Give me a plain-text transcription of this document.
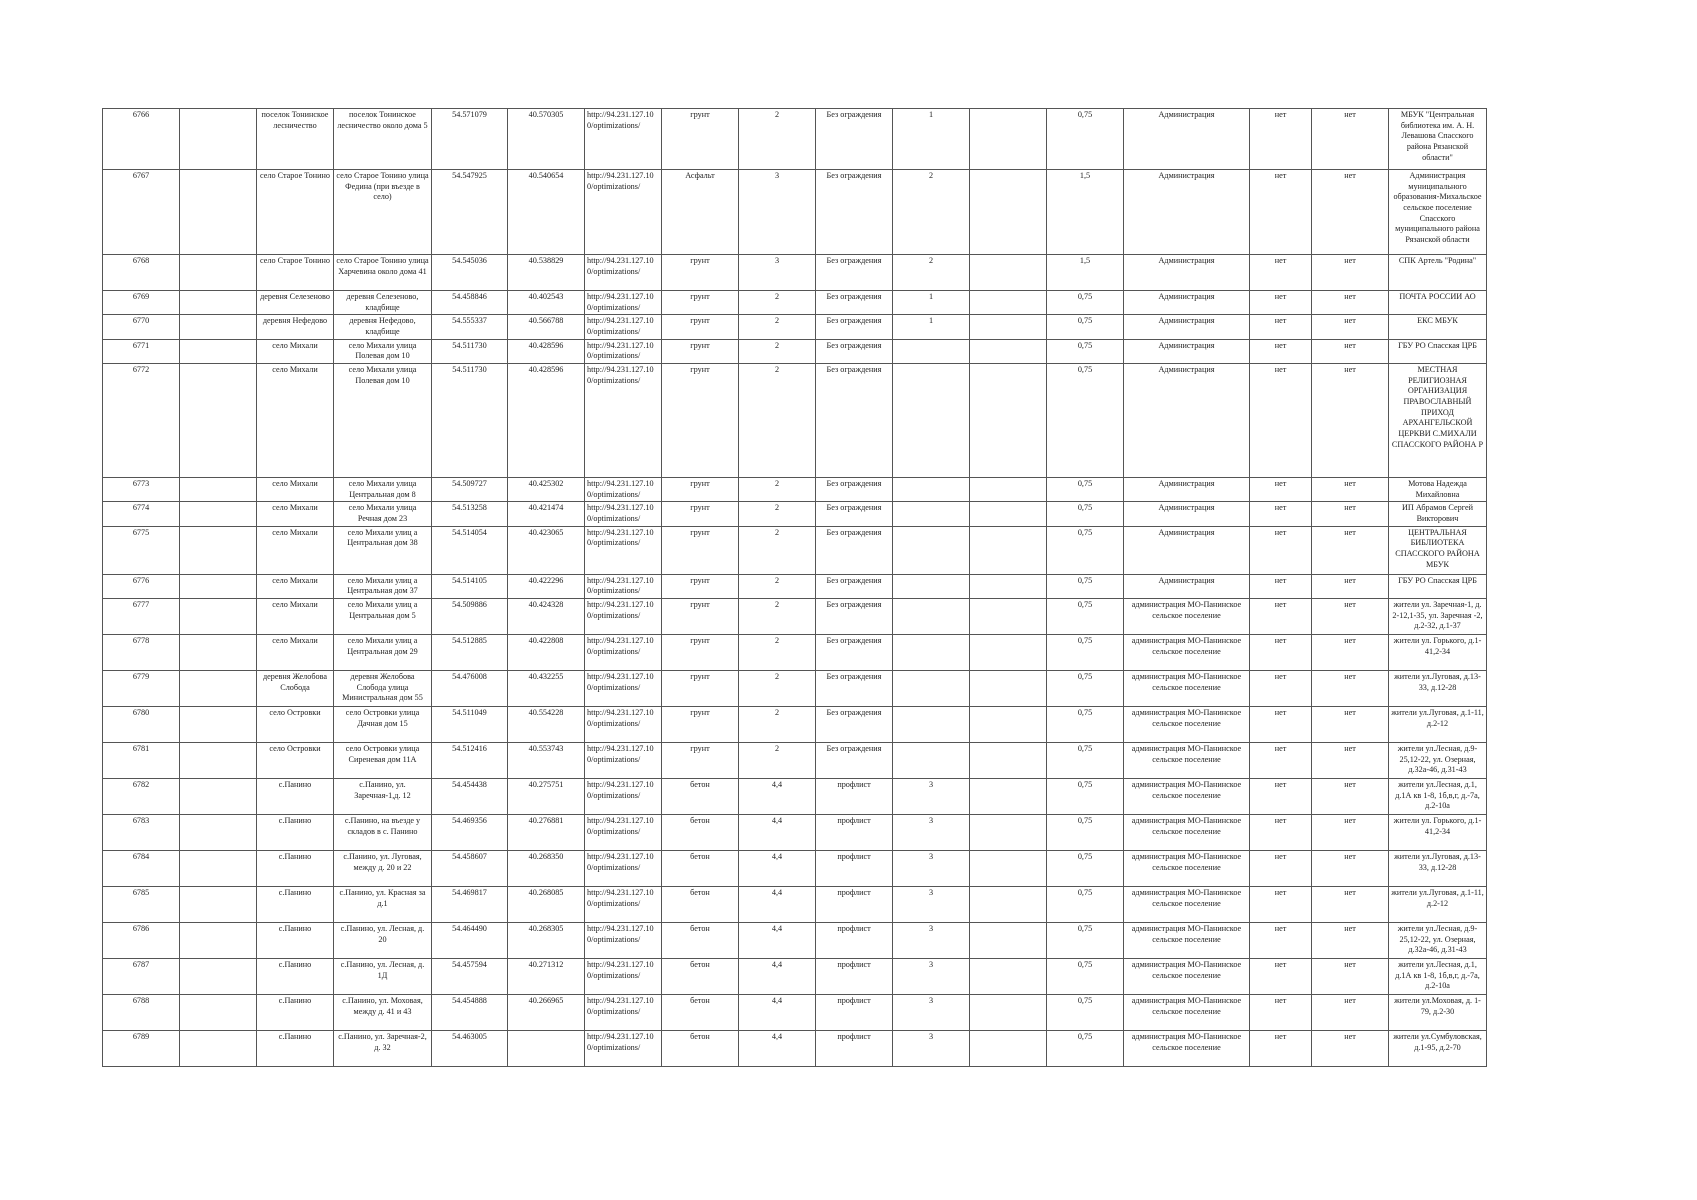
6766		поселок Тонинское лесничество	поселок Тонинское лесничество около дома 5	54.571079	40.570305	http://94.231.127.10 0/optimizations/	грунт	2	Без ограждения	1		0,75	Администрация	нет	нет	МБУК "Центральная библиотека им. А. Н. Левашова Спасского района Рязанской области"
6767		село Старое Тонино	село Старое Тонино улица Федина (при въезде в село)	54.547925	40.540654	http://94.231.127.10 0/optimizations/	Асфальт	3	Без ограждения	2		1,5	Администрация	нет	нет	Администрация муниципального образования-Михальское сельское поселение Спасского муниципального района Рязанской области
6768		село Старое Тонино	село Старое Тонино улица Харчевина около дома 41	54.545036	40.538829	http://94.231.127.10 0/optimizations/	грунт	3	Без ограждения	2		1,5	Администрация	нет	нет	СПК Артель "Родина"
6769		деревня Селезеново	деревня Селезеново, кладбище	54.458846	40.402543	http://94.231.127.10 0/optimizations/	грунт	2	Без ограждения	1		0,75	Администрация	нет	нет	ПОЧТА РОССИИ АО
6770		деревня Нефедово	деревня Нефедово, кладбище	54.555337	40.566788	http://94.231.127.10 0/optimizations/	грунт	2	Без ограждения	1		0,75	Администрация	нет	нет	ЕКС МБУК
6771		село Михали	село Михали улица Полевая дом 10	54.511730	40.428596	http://94.231.127.10 0/optimizations/	грунт	2	Без ограждения			0,75	Администрация	нет	нет	ГБУ РО Спасская ЦРБ
6772		село Михали	село Михали улица Полевая дом 10	54.511730	40.428596	http://94.231.127.10 0/optimizations/	грунт	2	Без ограждения			0,75	Администрация	нет	нет	МЕСТНАЯ РЕЛИГИОЗНАЯ ОРГАНИЗАЦИЯ ПРАВОСЛАВНЫЙ ПРИХОД АРХАНГЕЛЬСКОЙ ЦЕРКВИ С.МИХАЛИ СПАССКОГО РАЙОНА Р
6773		село Михали	село Михали улица Центральная дом 8	54.509727	40.425302	http://94.231.127.10 0/optimizations/	грунт	2	Без ограждения			0,75	Администрация	нет	нет	Мотова Надежда Михайловна
6774		село Михали	село Михали улица Речная дом 23	54.513258	40.421474	http://94.231.127.10 0/optimizations/	грунт	2	Без ограждения			0,75	Администрация	нет	нет	ИП Абрамов Сергей Викторович
6775		село Михали	село Михали улиц а Центральная дом 38	54.514054	40.423065	http://94.231.127.10 0/optimizations/	грунт	2	Без ограждения			0,75	Администрация	нет	нет	ЦЕНТРАЛЬНАЯ БИБЛИОТЕКА СПАССКОГО РАЙОНА МБУК
6776		село Михали	село Михали улиц а Центральная дом 37	54.514105	40.422296	http://94.231.127.10 0/optimizations/	грунт	2	Без ограждения			0,75	Администрация	нет	нет	ГБУ РО Спасская ЦРБ
6777		село Михали	село Михали улиц а Центральная дом 5	54.509886	40.424328	http://94.231.127.10 0/optimizations/	грунт	2	Без ограждения			0,75	администрация МО-Панинское сельское поселение	нет	нет	жители ул. Заречная-1, д. 2-12,1-35, ул. Заречная -2, д.2-32, д.1-37
6778		село Михали	село Михали улиц а Центральная дом 29	54.512885	40.422808	http://94.231.127.10 0/optimizations/	грунт	2	Без ограждения			0,75	администрация МО-Панинское сельское поселение	нет	нет	жители ул. Горького, д.1-41,2-34
6779		деревня Желобова Слобода	деревня Желобова Слобода улица Министральная дом 55	54.476008	40.432255	http://94.231.127.10 0/optimizations/	грунт	2	Без ограждения			0,75	администрация МО-Панинское сельское поселение	нет	нет	жители ул.Луговая, д.13-33, д.12-28
6780		село Островки	село Островки улица Дачная дом 15	54.511049	40.554228	http://94.231.127.10 0/optimizations/	грунт	2	Без ограждения			0,75	администрация МО-Панинское сельское поселение	нет	нет	жители ул.Луговая, д.1-11, д.2-12
6781		село Островки	село Островки улица Сиреневая дом 11А	54.512416	40.553743	http://94.231.127.10 0/optimizations/	грунт	2	Без ограждения			0,75	администрация МО-Панинское сельское поселение	нет	нет	жители ул.Лесная, д.9-25,12-22, ул. Озерная, д.32а-46, д.31-43
6782		с.Панино	с.Панино, ул. Заречная-1,д. 12	54.454438	40.275751	http://94.231.127.10 0/optimizations/	бетон	4,4	профлист	3		0,75	администрация МО-Панинское сельское поселение	нет	нет	жители ул.Лесная, д.1, д.1А кв 1-8, 1б,в,г, д.-7а, д.2-10а
6783		с.Панино	с.Панино, на въезде у складов в с. Панино	54.469356	40.276881	http://94.231.127.10 0/optimizations/	бетон	4,4	профлист	3		0,75	администрация МО-Панинское сельское поселение	нет	нет	жители ул. Горького, д.1-41,2-34
6784		с.Панино	с.Панино, ул. Луговая, между д. 20 и 22	54.458607	40.268350	http://94.231.127.10 0/optimizations/	бетон	4,4	профлист	3		0,75	администрация МО-Панинское сельское поселение	нет	нет	жители ул.Луговая, д.13-33, д.12-28
6785		с.Панино	с.Панино, ул. Красная за д.1	54.469817	40.268085	http://94.231.127.10 0/optimizations/	бетон	4,4	профлист	3		0,75	администрация МО-Панинское сельское поселение	нет	нет	жители ул.Луговая, д.1-11, д.2-12
6786		с.Панино	с.Панино, ул. Лесная, д. 20	54.464490	40.268305	http://94.231.127.10 0/optimizations/	бетон	4,4	профлист	3		0,75	администрация МО-Панинское сельское поселение	нет	нет	жители ул.Лесная, д.9-25,12-22, ул. Озерная, д.32а-46, д.31-43
6787		с.Панино	с.Панино, ул. Лесная, д. 1Д	54.457594	40.271312	http://94.231.127.10 0/optimizations/	бетон	4,4	профлист	3		0,75	администрация МО-Панинское сельское поселение	нет	нет	жители ул.Лесная, д.1, д.1А кв 1-8, 1б,в,г, д.-7а, д.2-10а
6788		с.Панино	с.Панино, ул. Моховая, между д. 41 и 43	54.454888	40.266965	http://94.231.127.10 0/optimizations/	бетон	4,4	профлист	3		0,75	администрация МО-Панинское сельское поселение	нет	нет	жители ул.Моховая, д. 1-79, д.2-30
6789		с.Панино	с.Панино, ул. Заречная-2, д. 32	54.463005		http://94.231.127.10 0/optimizations/	бетон	4,4	профлист	3		0,75	администрация МО-Панинское сельское поселение	нет	нет	жители ул.Сумбуловская, д.1-95, д.2-70
